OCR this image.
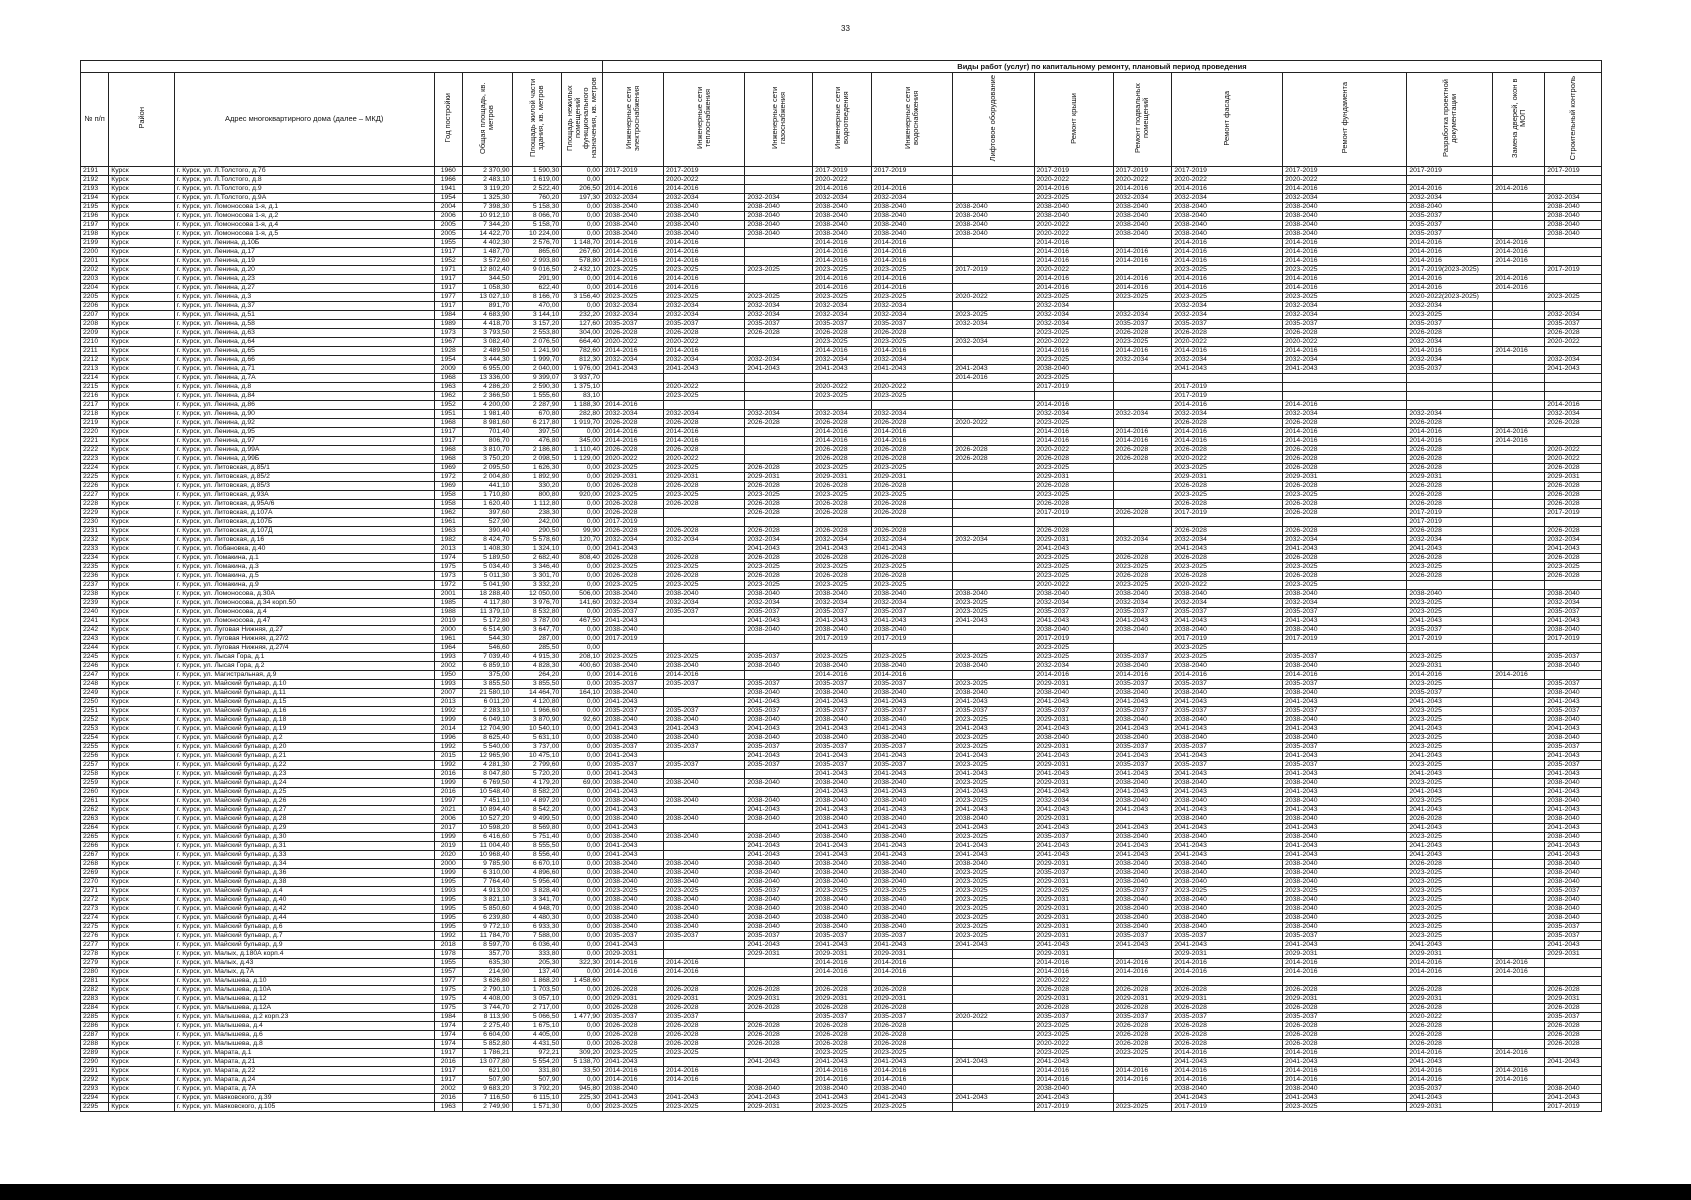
33
							Виды работ (услуг) по капитальному ремонту, плановый период проведения												
№ п/п	Район	Адрес многоквартирного дома (далее – МКД)	Год постройки	Общая площадь, кв. метров	Площадь жилой части здания, кв. метров	Площадь нежилых помещений функционального назначения, кв. метров	Инженерные сети электроснабжения	Инженерные сети теплоснабжения	Инженерные сети газоснабжения	Инженерные сети водоотведения	Инженерные сети водоснабжения	Лифтовое оборудование	Ремонт крыши	Ремонт подвальных помещений	Ремонт фасада	Ремонт фундамента	Разработка проектной документации	Замена дверей, окон в МОП	Строительный контроль
2191	Курск	г. Курск, ул. Л.Толстого, д.7б	1960	2 370,90	1 590,30	0,00	2017-2019	2017-2019		2017-2019	2017-2019		2017-2019	2017-2019	2017-2019	2017-2019	2017-2019		2017-2019
2192	Курск	г. Курск, ул. Л.Толстого, д.8	1966	2 483,10	1 619,00	0,00		2020-2022		2020-2022			2020-2022	2020-2022	2020-2022	2020-2022			
2193	Курск	г. Курск, ул. Л.Толстого, д.9	1941	3 119,20	2 522,40	206,50	2014-2016	2014-2016		2014-2016	2014-2016		2014-2016	2014-2016	2014-2016	2014-2016	2014-2016	2014-2016	
2194	Курск	г. Курск, ул. Л.Толстого, д.9А	1954	1 325,30	760,20	197,30	2032-2034	2032-2034	2032-2034	2032-2034	2032-2034		2023-2025	2032-2034	2032-2034	2032-2034	2032-2034		2032-2034
2195	Курск	г. Курск, ул. Ломоносова 1-я, д.1	2004	7 398,30	5 158,30	0,00	2038-2040	2038-2040	2038-2040	2038-2040	2038-2040	2038-2040	2038-2040	2038-2040	2038-2040	2038-2040	2038-2040		2038-2040
2196	Курск	г. Курск, ул. Ломоносова 1-я, д.2	2006	10 912,10	8 066,70	0,00	2038-2040	2038-2040	2038-2040	2038-2040	2038-2040	2038-2040	2038-2040	2038-2040	2038-2040	2038-2040	2035-2037		2038-2040
2197	Курск	г. Курск, ул. Ломоносова 1-я, д.4	2005	7 344,20	5 158,70	0,00	2038-2040	2038-2040	2038-2040	2038-2040	2038-2040	2038-2040	2020-2022	2038-2040	2038-2040	2038-2040	2035-2037		2038-2040
2198	Курск	г. Курск, ул. Ломоносова 1-я, д.5	2005	14 422,70	10 224,00	0,00	2038-2040	2038-2040	2038-2040	2038-2040	2038-2040	2038-2040	2020-2022	2038-2040	2038-2040	2038-2040	2035-2037		2038-2040
2199	Курск	г. Курск, ул. Ленина, д.10Б	1955	4 402,30	2 576,70	1 148,70	2014-2016	2014-2016		2014-2016	2014-2016		2014-2016		2014-2016	2014-2016	2014-2016	2014-2016	
2200	Курск	г. Курск, ул. Ленина, д.17	1917	1 487,70	865,60	267,60	2014-2016	2014-2016		2014-2016	2014-2016		2014-2016	2014-2016	2014-2016	2014-2016	2014-2016	2014-2016	
2201	Курск	г. Курск, ул. Ленина, д.19	1952	3 572,60	2 993,80	578,80	2014-2016	2014-2016		2014-2016	2014-2016		2014-2016	2014-2016	2014-2016	2014-2016	2014-2016	2014-2016	
2202	Курск	г. Курск, ул. Ленина, д.20	1971	12 802,40	9 016,50	2 432,10	2023-2025	2023-2025	2023-2025	2023-2025	2023-2025	2017-2019	2020-2022		2023-2025	2023-2025	2017-2019(2023-2025)		2017-2019
2203	Курск	г. Курск, ул. Ленина, д.23	1917	344,50	291,90	0,00	2014-2016	2014-2016		2014-2016	2014-2016		2014-2016	2014-2016	2014-2016	2014-2016	2014-2016	2014-2016	
2204	Курск	г. Курск, ул. Ленина, д.27	1917	1 058,30	622,40	0,00	2014-2016	2014-2016		2014-2016	2014-2016		2014-2016	2014-2016	2014-2016	2014-2016	2014-2016	2014-2016	
2205	Курск	г. Курск, ул. Ленина, д.3	1977	13 027,10	8 166,70	3 156,40	2023-2025	2023-2025	2023-2025	2023-2025	2023-2025	2020-2022	2023-2025	2023-2025	2023-2025	2023-2025	2020-2022(2023-2025)		2023-2025
2206	Курск	г. Курск, ул. Ленина, д.37	1917	891,70	470,00	0,00	2032-2034	2032-2034	2032-2034	2032-2034	2032-2034		2032-2034		2032-2034	2032-2034	2032-2034		
2207	Курск	г. Курск, ул. Ленина, д.51	1984	4 683,90	3 144,10	232,20	2032-2034	2032-2034	2032-2034	2032-2034	2032-2034	2023-2025	2032-2034	2032-2034	2032-2034	2032-2034	2023-2025		2032-2034
2208	Курск	г. Курск, ул. Ленина, д.58	1989	4 418,70	3 157,20	127,60	2035-2037	2035-2037	2035-2037	2035-2037	2035-2037	2032-2034	2032-2034	2035-2037	2035-2037	2035-2037	2035-2037		2035-2037
2209	Курск	г. Курск, ул. Ленина, д.63	1973	3 793,50	2 553,80	304,00	2026-2028	2026-2028	2026-2028	2026-2028	2026-2028		2023-2025	2026-2028	2026-2028	2026-2028	2026-2028		2026-2028
2210	Курск	г. Курск, ул. Ленина, д.64	1967	3 082,40	2 076,50	664,40	2020-2022	2020-2022		2023-2025	2023-2025	2032-2034	2020-2022	2023-2025	2020-2022	2020-2022	2032-2034		2020-2022
2211	Курск	г. Курск, ул. Ленина, д.65	1928	2 489,50	1 241,90	782,60	2014-2016	2014-2016		2014-2016	2014-2016		2014-2016	2014-2016	2014-2016	2014-2016	2014-2016	2014-2016	
2212	Курск	г. Курск, ул. Ленина, д.66	1954	3 444,30	1 999,70	812,30	2032-2034	2032-2034	2032-2034	2032-2034	2032-2034		2023-2025	2032-2034	2032-2034	2032-2034	2032-2034		2032-2034
2213	Курск	г. Курск, ул. Ленина, д.71	2009	6 955,00	2 040,00	1 976,00	2041-2043	2041-2043	2041-2043	2041-2043	2041-2043	2041-2043	2038-2040		2041-2043	2041-2043	2035-2037		2041-2043
2214	Курск	г. Курск, ул. Ленина, д.7А	1968	13 336,00	9 399,07	3 937,70						2014-2016	2023-2025						
2215	Курск	г. Курск, ул. Ленина, д.8	1963	4 286,20	2 590,30	1 375,10		2020-2022		2020-2022	2020-2022		2017-2019		2017-2019				
2216	Курск	г. Курск, ул. Ленина, д.84	1962	2 366,50	1 555,60	83,10		2023-2025		2023-2025	2023-2025				2017-2019				
2217	Курск	г. Курск, ул. Ленина, д.86	1952	4 200,00	2 287,90	1 188,30	2014-2016						2014-2016		2014-2016	2014-2016			2014-2016
2218	Курск	г. Курск, ул. Ленина, д.90	1951	1 981,40	670,80	282,80	2032-2034	2032-2034	2032-2034	2032-2034	2032-2034		2032-2034	2032-2034	2032-2034	2032-2034	2032-2034		2032-2034
2219	Курск	г. Курск, ул. Ленина, д.92	1968	8 981,60	6 217,80	1 919,70	2026-2028	2026-2028	2026-2028	2026-2028	2026-2028	2020-2022	2023-2025		2026-2028	2026-2028	2026-2028		2026-2028
2220	Курск	г. Курск, ул. Ленина, д.95	1917	701,40	397,50	0,00	2014-2016	2014-2016		2014-2016	2014-2016		2014-2016	2014-2016	2014-2016	2014-2016	2014-2016	2014-2016	
2221	Курск	г. Курск, ул. Ленина, д.97	1917	806,70	476,80	345,00	2014-2016	2014-2016		2014-2016	2014-2016		2014-2016	2014-2016	2014-2016	2014-2016	2014-2016	2014-2016	
2222	Курск	г. Курск, ул. Ленина, д.99А	1968	3 810,70	2 186,80	1 110,40	2026-2028	2026-2028		2026-2028	2026-2028	2026-2028	2020-2022	2026-2028	2026-2028	2026-2028	2026-2028		2020-2022
2223	Курск	г. Курск, ул. Ленина, д.99Б	1968	3 750,20	2 098,50	1 129,00	2020-2022	2020-2022		2026-2028	2026-2028	2026-2028	2026-2028	2026-2028	2020-2022	2026-2028	2026-2028		2020-2022
2224	Курск	г. Курск, ул. Литовская, д.85/1	1969	2 095,50	1 626,30	0,00	2023-2025	2023-2025	2026-2028	2023-2025	2023-2025		2023-2025		2023-2025	2026-2028	2026-2028		2026-2028
2225	Курск	г. Курск, ул. Литовская, д.85/2	1972	2 004,80	1 892,90	0,00	2029-2031	2029-2031	2029-2031	2029-2031	2029-2031		2029-2031		2029-2031	2029-2031	2029-2031		2029-2031
2226	Курск	г. Курск, ул. Литовская, д.85/3	1969	441,10	330,20	0,00	2026-2028	2026-2028	2026-2028	2026-2028	2026-2028		2026-2028		2026-2028	2026-2028	2026-2028		2026-2028
2227	Курск	г. Курск, ул. Литовская, д.93А	1958	1 710,80	800,80	920,00	2023-2025	2023-2025	2023-2025	2023-2025	2023-2025		2023-2025		2023-2025	2023-2025	2026-2028		2026-2028
2228	Курск	г. Курск, ул. Литовская, д.95А/6	1958	1 620,40	1 112,80	0,00	2026-2028	2026-2028	2026-2028	2026-2028	2026-2028		2026-2028		2026-2028	2026-2028	2026-2028		2026-2028
2229	Курск	г. Курск, ул. Литовская, д.107А	1962	397,60	238,30	0,00	2026-2028		2026-2028	2026-2028	2026-2028		2017-2019	2026-2028	2017-2019	2026-2028	2017-2019		2017-2019
2230	Курск	г. Курск, ул. Литовская, д.107Б	1961	527,90	242,00	0,00	2017-2019										2017-2019		
2231	Курск	г. Курск, ул. Литовская, д.107Д	1963	390,40	290,50	99,90	2026-2028	2026-2028	2026-2028	2026-2028	2026-2028		2026-2028		2026-2028	2026-2028	2026-2028		2026-2028
2232	Курск	г. Курск, ул. Литовская, д.16	1982	8 424,70	5 578,60	120,70	2032-2034	2032-2034	2032-2034	2032-2034	2032-2034	2032-2034	2029-2031	2032-2034	2032-2034	2032-2034	2032-2034		2032-2034
2233	Курск	г. Курск, ул. Лобановка, д.40	2013	1 408,30	1 324,10	0,00	2041-2043		2041-2043	2041-2043	2041-2043		2041-2043		2041-2043	2041-2043	2041-2043		2041-2043
2234	Курск	г. Курск, ул. Ломакина, д.1	1974	5 189,50	2 682,40	808,40	2026-2028	2026-2028	2026-2028	2026-2028	2026-2028		2023-2025	2026-2028	2026-2028	2026-2028	2026-2028		2026-2028
2235	Курск	г. Курск, ул. Ломакина, д.3	1975	5 034,40	3 346,40	0,00	2023-2025	2023-2025	2023-2025	2023-2025	2023-2025		2023-2025	2023-2025	2023-2025	2023-2025	2023-2025		2023-2025
2236	Курск	г. Курск, ул. Ломакина, д.5	1973	5 011,30	3 301,70	0,00	2026-2028	2026-2028	2026-2028	2026-2028	2026-2028		2023-2025	2026-2028	2026-2028	2026-2028	2026-2028		2026-2028
2237	Курск	г. Курск, ул. Ломакина, д.9	1972	5 041,90	3 332,20	0,00	2023-2025	2023-2025	2023-2025	2023-2025	2023-2025		2020-2022	2023-2025	2020-2022	2023-2025			
2238	Курск	г. Курск, ул. Ломоносова, д.30А	2001	18 288,40	12 050,00	506,00	2038-2040	2038-2040	2038-2040	2038-2040	2038-2040	2038-2040	2038-2040	2038-2040	2038-2040	2038-2040	2038-2040		2038-2040
2239	Курск	г. Курск, ул. Ломоносова, д.34 корп.50	1985	4 117,80	3 976,70	141,60	2032-2034	2032-2034	2032-2034	2032-2034	2032-2034	2023-2025	2032-2034	2032-2034	2032-2034	2032-2034	2023-2025		2032-2034
2240	Курск	г. Курск, ул. Ломоносова, д.4	1988	11 379,10	8 532,80	0,00	2035-2037	2035-2037	2035-2037	2035-2037	2035-2037	2023-2025	2035-2037	2035-2037	2035-2037	2035-2037	2023-2025		2035-2037
2241	Курск	г. Курск, ул. Ломоносова, д.47	2019	5 172,80	3 787,00	467,50	2041-2043		2041-2043	2041-2043	2041-2043	2041-2043	2041-2043	2041-2043	2041-2043	2041-2043	2041-2043		2041-2043
2242	Курск	г. Курск, ул. Луговая Нижняя, д.27	2000	6 514,90	3 647,70	0,00	2038-2040		2038-2040	2038-2040	2038-2040		2038-2040	2038-2040	2038-2040	2038-2040	2035-2037		2038-2040
2243	Курск	г. Курск, ул. Луговая Нижняя, д.27/2	1961	544,30	287,00	0,00	2017-2019			2017-2019	2017-2019		2017-2019		2017-2019	2017-2019	2017-2019		2017-2019
2244	Курск	г. Курск, ул. Луговая Нижняя, д.27/4	1964	546,60	285,50	0,00							2023-2025		2023-2025				
2245	Курск	г. Курск, ул. Лысая Гора, д.1	1993	7 039,40	4 915,30	208,10	2023-2025	2023-2025	2035-2037	2023-2025	2023-2025	2023-2025	2023-2025	2035-2037	2023-2025	2035-2037	2023-2025		2035-2037
2246	Курск	г. Курск, ул. Лысая Гора, д.2	2002	6 859,10	4 828,30	400,60	2038-2040	2038-2040	2038-2040	2038-2040	2038-2040	2038-2040	2032-2034	2038-2040	2038-2040	2038-2040	2029-2031		2038-2040
2247	Курск	г. Курск, ул. Магистральная, д.9	1950	375,00	264,20	0,00	2014-2016	2014-2016		2014-2016	2014-2016		2014-2016	2014-2016	2014-2016	2014-2016	2014-2016	2014-2016	
2248	Курск	г. Курск, ул. Майский бульвар, д.10	1993	3 855,50	3 855,50	0,00	2035-2037	2035-2037	2035-2037	2035-2037	2035-2037	2023-2025	2029-2031	2035-2037	2035-2037	2035-2037	2023-2025		2035-2037
2249	Курск	г. Курск, ул. Майский бульвар, д.11	2007	21 580,10	14 464,70	164,10	2038-2040		2038-2040	2038-2040	2038-2040	2038-2040	2038-2040	2038-2040	2038-2040	2038-2040	2035-2037		2038-2040
2250	Курск	г. Курск, ул. Майский бульвар, д.15	2013	6 011,20	4 120,80	0,00	2041-2043		2041-2043	2041-2043	2041-2043	2041-2043	2041-2043	2041-2043	2041-2043	2041-2043	2041-2043		2041-2043
2251	Курск	г. Курск, ул. Майский бульвар, д.16	1992	2 283,10	1 966,60	0,00	2035-2037	2035-2037	2035-2037	2035-2037	2035-2037	2035-2037	2035-2037	2035-2037	2035-2037	2035-2037	2023-2025		2035-2037
2252	Курск	г. Курск, ул. Майский бульвар, д.18	1999	6 049,10	3 870,90	92,60	2038-2040	2038-2040	2038-2040	2038-2040	2038-2040	2023-2025	2029-2031	2038-2040	2038-2040	2038-2040	2023-2025		2038-2040
2253	Курск	г. Курск, ул. Майский бульвар, д.19	2014	12 704,90	10 540,10	0,00	2041-2043	2041-2043	2041-2043	2041-2043	2041-2043	2041-2043	2041-2043	2041-2043	2041-2043	2041-2043	2041-2043		2041-2043
2254	Курск	г. Курск, ул. Майский бульвар, д.2	1996	8 625,40	5 631,10	0,00	2038-2040	2038-2040	2038-2040	2038-2040	2038-2040	2023-2025	2038-2040	2038-2040	2038-2040	2038-2040	2023-2025		2038-2040
2255	Курск	г. Курск, ул. Майский бульвар, д.20	1992	5 540,00	3 737,00	0,00	2035-2037	2035-2037	2035-2037	2035-2037	2035-2037	2023-2025	2029-2031	2035-2037	2035-2037	2035-2037	2023-2025		2035-2037
2256	Курск	г. Курск, ул. Майский бульвар, д.21	2015	12 965,90	10 475,10	0,00	2041-2043		2041-2043	2041-2043	2041-2043	2041-2043	2041-2043	2041-2043	2041-2043	2041-2043	2041-2043		2041-2043
2257	Курск	г. Курск, ул. Майский бульвар, д.22	1992	4 281,30	2 799,60	0,00	2035-2037	2035-2037	2035-2037	2035-2037	2035-2037	2023-2025	2029-2031	2035-2037	2035-2037	2035-2037	2023-2025		2035-2037
2258	Курск	г. Курск, ул. Майский бульвар, д.23	2016	8 047,80	5 720,20	0,00	2041-2043			2041-2043	2041-2043	2041-2043	2041-2043	2041-2043	2041-2043	2041-2043	2041-2043		2041-2043
2259	Курск	г. Курск, ул. Майский бульвар, д.24	1999	6 769,50	4 179,20	69,00	2038-2040	2038-2040	2038-2040	2038-2040	2038-2040	2023-2025	2029-2031	2038-2040	2038-2040	2038-2040	2023-2025		2038-2040
2260	Курск	г. Курск, ул. Майский бульвар, д.25	2016	10 548,40	8 582,20	0,00	2041-2043			2041-2043	2041-2043	2041-2043	2041-2043	2041-2043	2041-2043	2041-2043	2041-2043		2041-2043
2261	Курск	г. Курск, ул. Майский бульвар, д.26	1997	7 451,10	4 897,20	0,00	2038-2040	2038-2040	2038-2040	2038-2040	2038-2040	2023-2025	2032-2034	2038-2040	2038-2040	2038-2040	2023-2025		2038-2040
2262	Курск	г. Курск, ул. Майский бульвар, д.27	2021	10 894,40	8 542,20	0,00	2041-2043		2041-2043	2041-2043	2041-2043	2041-2043	2041-2043	2041-2043	2041-2043	2041-2043	2041-2043		2041-2043
2263	Курск	г. Курск, ул. Майский бульвар, д.28	2006	10 527,20	9 499,50	0,00	2038-2040	2038-2040	2038-2040	2038-2040	2038-2040	2038-2040	2029-2031		2038-2040	2038-2040	2026-2028		2038-2040
2264	Курск	г. Курск, ул. Майский бульвар, д.29	2017	10 598,20	8 569,80	0,00	2041-2043			2041-2043	2041-2043	2041-2043	2041-2043	2041-2043	2041-2043	2041-2043	2041-2043		2041-2043
2265	Курск	г. Курск, ул. Майский бульвар, д.30	1999	6 416,60	5 751,40	0,00	2038-2040	2038-2040	2038-2040	2038-2040	2038-2040	2023-2025	2035-2037	2038-2040	2038-2040	2038-2040	2023-2025		2038-2040
2266	Курск	г. Курск, ул. Майский бульвар, д.31	2019	11 004,40	8 555,50	0,00	2041-2043		2041-2043	2041-2043	2041-2043	2041-2043	2041-2043	2041-2043	2041-2043	2041-2043	2041-2043		2041-2043
2267	Курск	г. Курск, ул. Майский бульвар, д.33	2020	10 968,40	8 556,40	0,00	2041-2043		2041-2043	2041-2043	2041-2043	2041-2043	2041-2043	2041-2043	2041-2043	2041-2043	2041-2043		2041-2043
2268	Курск	г. Курск, ул. Майский бульвар, д.34	2000	9 785,90	6 670,10	0,00	2038-2040	2038-2040	2038-2040	2038-2040	2038-2040	2038-2040	2029-2031	2038-2040	2038-2040	2038-2040	2026-2028		2038-2040
2269	Курск	г. Курск, ул. Майский бульвар, д.36	1999	6 310,00	4 896,60	0,00	2038-2040	2038-2040	2038-2040	2038-2040	2038-2040	2023-2025	2035-2037	2038-2040	2038-2040	2038-2040	2023-2025		2038-2040
2270	Курск	г. Курск, ул. Майский бульвар, д.38	1995	7 764,40	5 956,40	0,00	2038-2040	2038-2040	2038-2040	2038-2040	2038-2040	2023-2025	2029-2031	2038-2040	2038-2040	2038-2040	2023-2025		2038-2040
2271	Курск	г. Курск, ул. Майский бульвар, д.4	1993	4 913,00	3 828,40	0,00	2023-2025	2023-2025	2035-2037	2023-2025	2023-2025	2023-2025	2023-2025	2035-2037	2023-2025	2023-2025	2023-2025		2035-2037
2272	Курск	г. Курск, ул. Майский бульвар, д.40	1995	3 821,10	3 341,70	0,00	2038-2040	2038-2040	2038-2040	2038-2040	2038-2040	2023-2025	2029-2031	2038-2040	2038-2040	2038-2040	2023-2025		2038-2040
2273	Курск	г. Курск, ул. Майский бульвар, д.42	1995	5 850,60	4 948,70	0,00	2038-2040	2038-2040	2038-2040	2038-2040	2038-2040	2023-2025	2029-2031	2038-2040	2038-2040	2038-2040	2023-2025		2038-2040
2274	Курск	г. Курск, ул. Майский бульвар, д.44	1995	6 239,80	4 480,30	0,00	2038-2040	2038-2040	2038-2040	2038-2040	2038-2040	2023-2025	2029-2031	2038-2040	2038-2040	2038-2040	2023-2025		2038-2040
2275	Курск	г. Курск, ул. Майский бульвар, д.6	1995	9 772,10	6 933,30	0,00	2038-2040	2038-2040	2038-2040	2038-2040	2038-2040	2023-2025	2029-2031	2038-2040	2038-2040	2038-2040	2023-2025		2035-2037
2276	Курск	г. Курск, ул. Майский бульвар, д.7	1992	11 784,70	7 588,00	0,00	2035-2037	2035-2037	2035-2037	2035-2037	2035-2037	2023-2025	2029-2031	2035-2037	2035-2037	2035-2037	2023-2025		2035-2037
2277	Курск	г. Курск, ул. Майский бульвар, д.9	2018	8 597,70	6 036,40	0,00	2041-2043		2041-2043	2041-2043	2041-2043	2041-2043	2041-2043	2041-2043	2041-2043	2041-2043	2041-2043		2041-2043
2278	Курск	г. Курск, ул. Малых, д.180А корп.4	1978	357,70	333,80	0,00	2029-2031		2029-2031	2029-2031	2029-2031		2029-2031		2029-2031	2029-2031	2029-2031		2029-2031
2279	Курск	г. Курск, ул. Малых, д.43	1955	635,30	205,30	322,30	2014-2016	2014-2016		2014-2016	2014-2016		2014-2016	2014-2016	2014-2016	2014-2016	2014-2016	2014-2016	
2280	Курск	г. Курск, ул. Малых, д.7А	1957	214,90	137,40	0,00	2014-2016	2014-2016		2014-2016	2014-2016		2014-2016	2014-2016	2014-2016	2014-2016	2014-2016	2014-2016	
2281	Курск	г. Курск, ул. Малышева, д.10	1977	3 626,80	1 868,20	1 458,60							2020-2022						
2282	Курск	г. Курск, ул. Малышева, д.10А	1975	2 790,10	1 703,50	0,00	2026-2028	2026-2028	2026-2028	2026-2028	2026-2028		2026-2028	2026-2028	2026-2028	2026-2028	2026-2028		2026-2028
2283	Курск	г. Курск, ул. Малышева, д.12	1975	4 408,00	3 057,10	0,00	2029-2031	2029-2031	2029-2031	2029-2031	2029-2031		2029-2031	2029-2031	2029-2031	2029-2031	2029-2031		2029-2031
2284	Курск	г. Курск, ул. Малышева, д.12А	1975	3 744,70	2 717,00	0,00	2026-2028	2026-2028	2026-2028	2026-2028	2026-2028		2026-2028	2026-2028	2026-2028	2026-2028	2026-2028		2026-2028
2285	Курск	г. Курск, ул. Малышева, д.2 корп.23	1984	8 113,90	5 066,50	1 477,90	2035-2037	2035-2037		2035-2037	2035-2037	2020-2022	2035-2037	2035-2037	2035-2037	2035-2037	2020-2022		2035-2037
2286	Курск	г. Курск, ул. Малышева, д.4	1974	2 275,40	1 675,10	0,00	2026-2028	2026-2028	2026-2028	2026-2028	2026-2028		2023-2025	2026-2028	2026-2028	2026-2028	2026-2028		2026-2028
2287	Курск	г. Курск, ул. Малышева, д.6	1974	6 604,00	4 405,00	0,00	2026-2028	2026-2028	2026-2028	2026-2028	2026-2028		2023-2025	2026-2028	2026-2028	2026-2028	2026-2028		2026-2028
2288	Курск	г. Курск, ул. Малышева, д.8	1974	5 852,80	4 431,50	0,00	2026-2028	2026-2028	2026-2028	2026-2028	2026-2028		2020-2022	2026-2028	2026-2028	2026-2028	2026-2028		2026-2028
2289	Курск	г. Курск, ул. Марата, д.1	1917	1 786,21	972,21	309,20	2023-2025	2023-2025		2023-2025	2023-2025		2023-2025	2023-2025	2014-2016	2014-2016	2014-2016	2014-2016	
2290	Курск	г. Курск, ул. Марата, д.21	2016	13 077,80	5 554,20	5 138,70	2041-2043		2041-2043	2041-2043	2041-2043	2041-2043	2041-2043		2041-2043	2041-2043	2041-2043		2041-2043
2291	Курск	г. Курск, ул. Марата, д.22	1917	621,00	331,80	33,50	2014-2016	2014-2016		2014-2016	2014-2016		2014-2016	2014-2016	2014-2016	2014-2016	2014-2016	2014-2016	
2292	Курск	г. Курск, ул. Марата, д.24	1917	507,90	507,90	0,00	2014-2016	2014-2016		2014-2016	2014-2016		2014-2016	2014-2016	2014-2016	2014-2016	2014-2016	2014-2016	
2293	Курск	г. Курск, ул. Марата, д.7А	2002	9 683,20	3 792,20	945,80	2038-2040		2038-2040	2038-2040	2038-2040		2038-2040		2038-2040	2038-2040	2035-2037		2038-2040
2294	Курск	г. Курск, ул. Маяковского, д.39	2016	7 116,50	6 115,10	225,30	2041-2043	2041-2043	2041-2043	2041-2043	2041-2043	2041-2043	2041-2043		2041-2043	2041-2043	2041-2043		2041-2043
2295	Курск	г. Курск, ул. Маяковского, д.105	1963	2 749,90	1 571,30	0,00	2023-2025	2023-2025	2029-2031	2023-2025	2023-2025		2017-2019	2023-2025	2017-2019	2023-2025	2029-2031		2017-2019
